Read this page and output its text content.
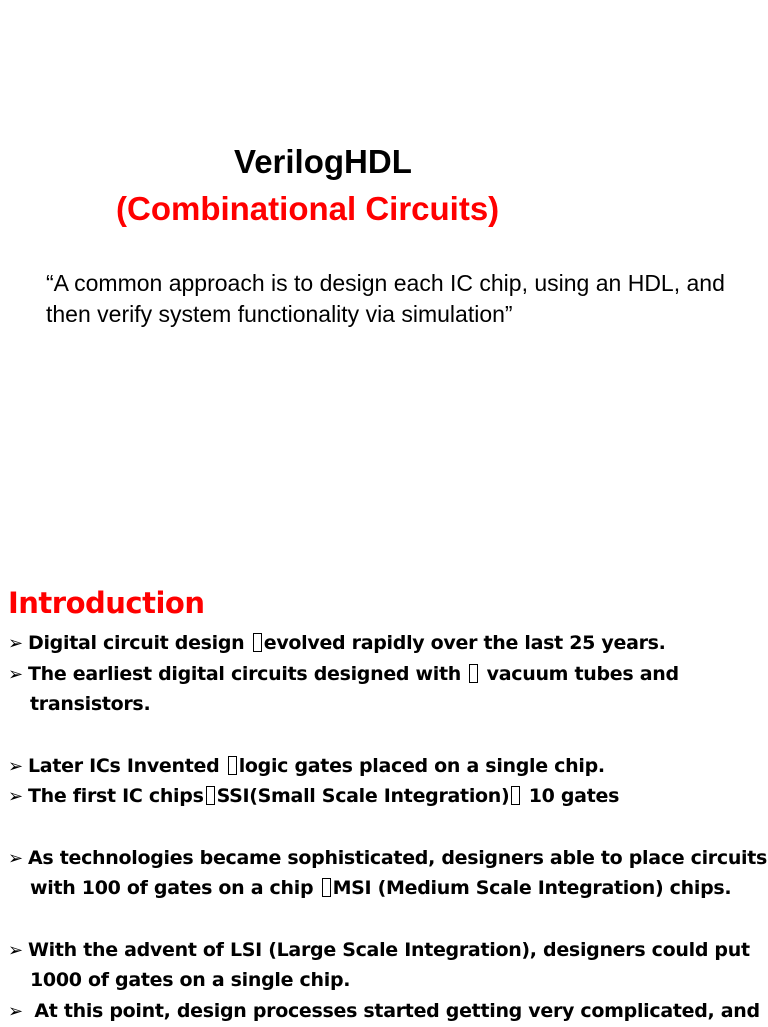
VerilogHDL
(Combinational Circuits)
“A common approach is to design each IC chip, using an HDL, and then verify system functionality via simulation”
Introduction
➢ Digital circuit design evolved rapidly over the last 25 years.
➢ The earliest digital circuits designed with  vacuum tubes and
transistors.
➢ Later ICs Invented logic gates placed on a single chip.
➢ The first IC chips SSI(Small Scale Integration) 10 gates
➢ As technologies became sophisticated, designers able to place circuits
with 100 of gates on a chip MSI (Medium Scale Integration) chips.
➢ With the advent of LSI (Large Scale Integration), designers could put
1000 of gates on a single chip.
➢ At this point, design processes started getting very complicated, and
